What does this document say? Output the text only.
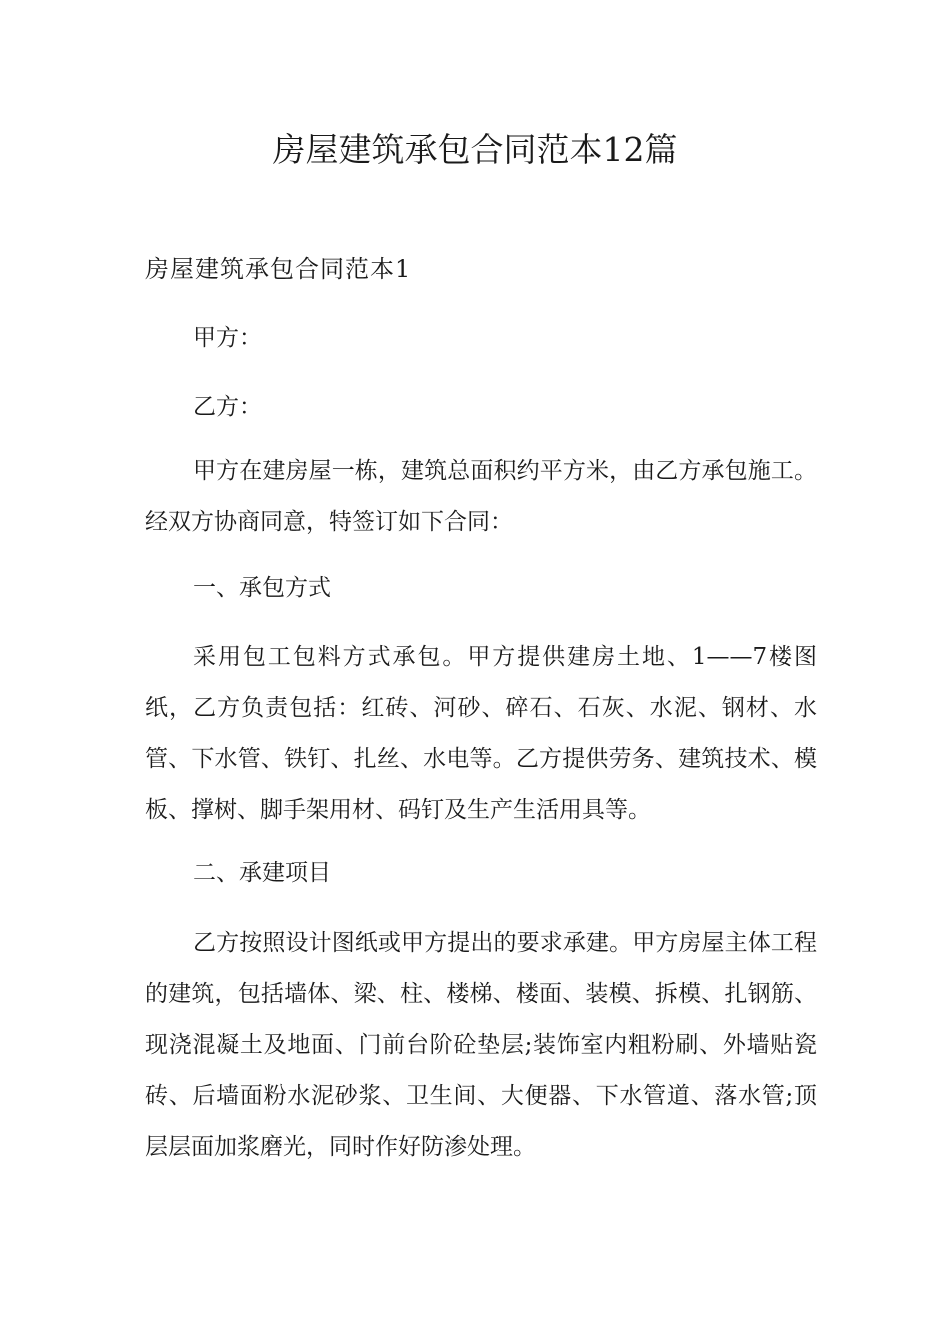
房屋建筑承包合同范本12篇
房屋建筑承包合同范本1

甲方：

乙方：

甲方在建房屋一栋，建筑总面积约平方米，由乙方承包施工。经双方协商同意，特签订如下合同：

一、承包方式

采用包工包料方式承包。甲方提供建房土地、1——7楼图纸，乙方负责包括：红砖、河砂、碎石、石灰、水泥、钢材、水管、下水管、铁钉、扎丝、水电等。乙方提供劳务、建筑技术、模板、撑树、脚手架用材、码钉及生产生活用具等。

二、承建项目

乙方按照设计图纸或甲方提出的要求承建。甲方房屋主体工程的建筑，包括墙体、梁、柱、楼梯、楼面、装模、拆模、扎钢筋、现浇混凝土及地面、门前台阶砼垫层;装饰室内粗粉刷、外墙贴瓷砖、后墙面粉水泥砂浆、卫生间、大便器、下水管道、落水管;顶层层面加浆磨光，同时作好防渗处理。
